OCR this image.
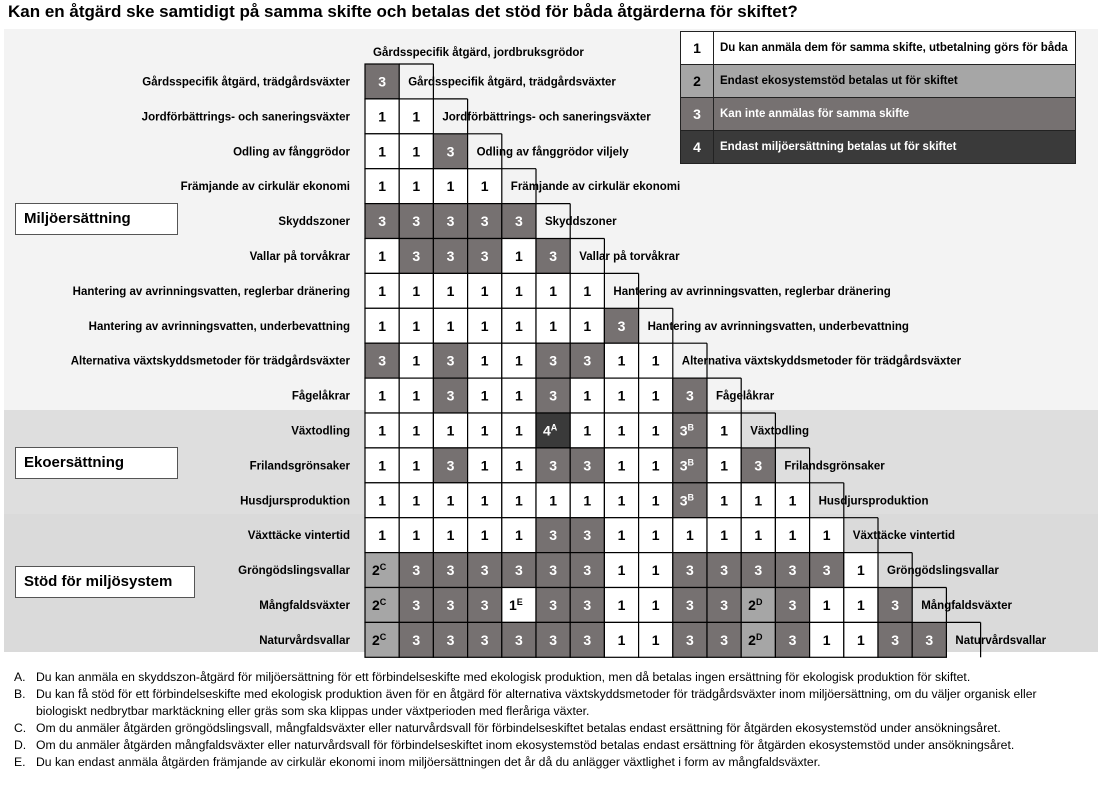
Kan en åtgärd ske samtidigt på samma skifte och betalas det stöd för båda åtgärderna för skiftet?
Miljöersättning
Ekoersättning
Stöd för miljösystem
Gårdsspecifik åtgärd, jordbruksgrödor
Gårdsspecifik åtgärd, trädgårdsväxter 3 Gårdsspecifik åtgärd, trädgårdsväxter
Jordförbättrings- och saneringsväxter 1 1 Jordförbättrings- och saneringsväxter
Odling av fånggrödor 1 1 3 Odling av fånggrödor viljely
Främjande av cirkulär ekonomi 1 1 1 1 Främjande av cirkulär ekonomi
Skyddszoner 3 3 3 3 3 Skyddszoner
Vallar på torvåkrar 1 3 3 3 1 3 Vallar på torvåkrar
Hantering av avrinningsvatten, reglerbar dränering 1 1 1 1 1 1 1 Hantering av avrinningsvatten, reglerbar dränering
Hantering av avrinningsvatten, underbevattning 1 1 1 1 1 1 1 3 Hantering av avrinningsvatten, underbevattning
Alternativa växtskyddsmetoder för trädgårdsväxter 3 1 3 1 1 3 3 1 1 Alternativa växtskyddsmetoder för trädgårdsväxter
Fågelåkrar 1 1 3 1 1 3 1 1 1 3 Fågelåkrar
Växtodling 1 1 1 1 1 $4^A$ 1 1 1 $3^B$ 1 Växtodling
Frilandsgrönsaker 1 1 3 1 1 3 3 1 1 $3^B$ 1 3 Frilandsgrönsaker
Husdjursproduktion 1 1 1 1 1 1 1 1 1 $3^B$ 1 1 1 Husdjursproduktion
Växttäcke vintertid 1 1 1 1 1 3 3 1 1 1 1 1 1 1 Växttäcke vintertid
Gröngödslingsvallar $2^C$ 3 3 3 3 3 3 1 1 3 3 3 3 3 1 Gröngödslingsvallar
Mångfaldsväxter $2^C$ 3 3 3 $1^E$ 3 3 1 1 3 3 $2^D$ 3 1 1 3 Mångfaldsväxter
Naturvårdsvallar $2^C$ 3 3 3 3 3 3 1 1 3 3 $2^D$ 3 1 1 3 3 Naturvårdsvallar
1	Du kan anmäla dem för samma skifte, utbetalning görs för båda
2	Endast ekosystemstöd betalas ut för skiftet
3	Kan inte anmälas för samma skifte
4	Endast miljöersättning betalas ut för skiftet
A. Du kan anmäla en skyddszon-åtgärd för miljöersättning för ett förbindelseskifte med ekologisk produktion, men då betalas ingen ersättning för ekologisk produktion för skiftet.
B. Du kan få stöd för ett förbindelseskifte med ekologisk produktion även för en åtgärd för alternativa växtskyddsmetoder för trädgårdsväxter inom miljöersättning, om du väljer organisk eller biologiskt nedbrytbar marktäckning eller gräs som ska klippas under växtperioden med fleråriga växter.
C. Om du anmäler åtgärden gröngödslingsvall, mångfaldsväxter eller naturvårdsvall för förbindelseskiftet betalas endast ersättning för åtgärden ekosystemstöd under ansökningsåret.
D. Om du anmäler åtgärden mångfaldsväxter eller naturvårdsvall för förbindelseskiftet inom ekosystemstöd betalas endast ersättning för åtgärden ekosystemstöd under ansökningsåret.
E. Du kan endast anmäla åtgärden främjande av cirkulär ekonomi inom miljöersättningen det år då du anlägger växtlighet i form av mångfaldsväxter.
